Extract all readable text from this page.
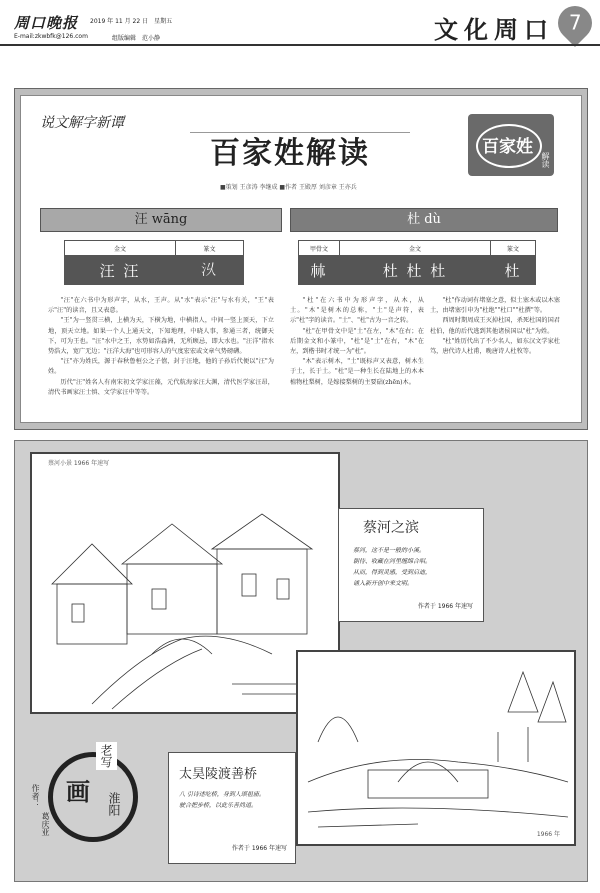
周口晚报 2019 年 11 月 22 日　星期五
E-mail:zkwbfk@126.com	组版编辑　范小静	文化周口 7
说文解字新谭
百家姓解读	百家姓
解读
■策划 王彦涛 李继成 ■作者 王殿厚 刘彦章 王亦兵
汪 wāng
金文	篆文
汪 汪	𣲄

"汪"在六书中为形声字，从水，王声。从"水"表示"汪"与水有关，"王"表示"汪"的读音，且又表意。

"王"为一竖贯三横，上横为天，下横为地，中横指人，中间一竖上顶天，下立地，顶天立地。如果一个人上通天文，下知地理，中晓人事，参通三者，统御天下，可为王也。"汪"水中之王，水势如浩淼洲，无所顾忌，即大水也。"汪洋"指水势浩大，宽广无边；"汪洋大海"也可形容人的气度宏宏或文章气势磅礴。

"汪"亦为姓氏，源于春秋鲁桓公之子僖，封于汪地，他的子孙后代便以"汪"为姓。

历代"汪"姓名人有南宋初文学家汪藻，元代航海家汪大渊，清代医学家汪昂，清代书画家汪士慎、文学家汪中等等。

杜 dù
甲骨文	金文	篆文
𣏟	杜 杜 杜	杜

"杜"在六书中为形声字，从木，从土。"木"是树木的总称，"土"是声符，表示"杜"字的读音。"土"、"杜"古为一音之转。

"杜"在甲骨文中是"土"在左，"木"在右；在后期金文和小篆中，"杜"是"土"在右，"木"在左，到楷书时才统一为"杜"。

"木"表示树木，"土"既标声又表意，树木生于土，长于土。"杜"是一种生长在陆地上的木本植物杜梨树，是嫁接梨树的主要砧(zhēn)木。

"杜"作动词有堵塞之意，似土塞木或以木塞土，由堵塞引申为"杜绝""杜口""杜撰"等。

西周时期周成王灭掉杜国，杀死杜国的国君杜伯，他的后代逃到其他诸侯国以"杜"为姓。

"杜"姓历代出了不少名人，如东汉文学家杜笃，唐代诗人杜甫，晚唐诗人杜牧等。

蔡河小景 1966 年速写
蔡河之滨
蔡河，这不是一般的小溪。
朝待、收藏在河里缠绵合唱。
从而，得到灵感，受到启迪，
诵入新开创中来文明。
作者于 1966 年速写
1966 年
太昊陵渡善桥
八 引诗述吃桥，身到人颂祖庙。
驶合把步桥，以此乐善尚道。
作者于 1966 年速写
老写
画 淮阳
作者：
葛庆亚
